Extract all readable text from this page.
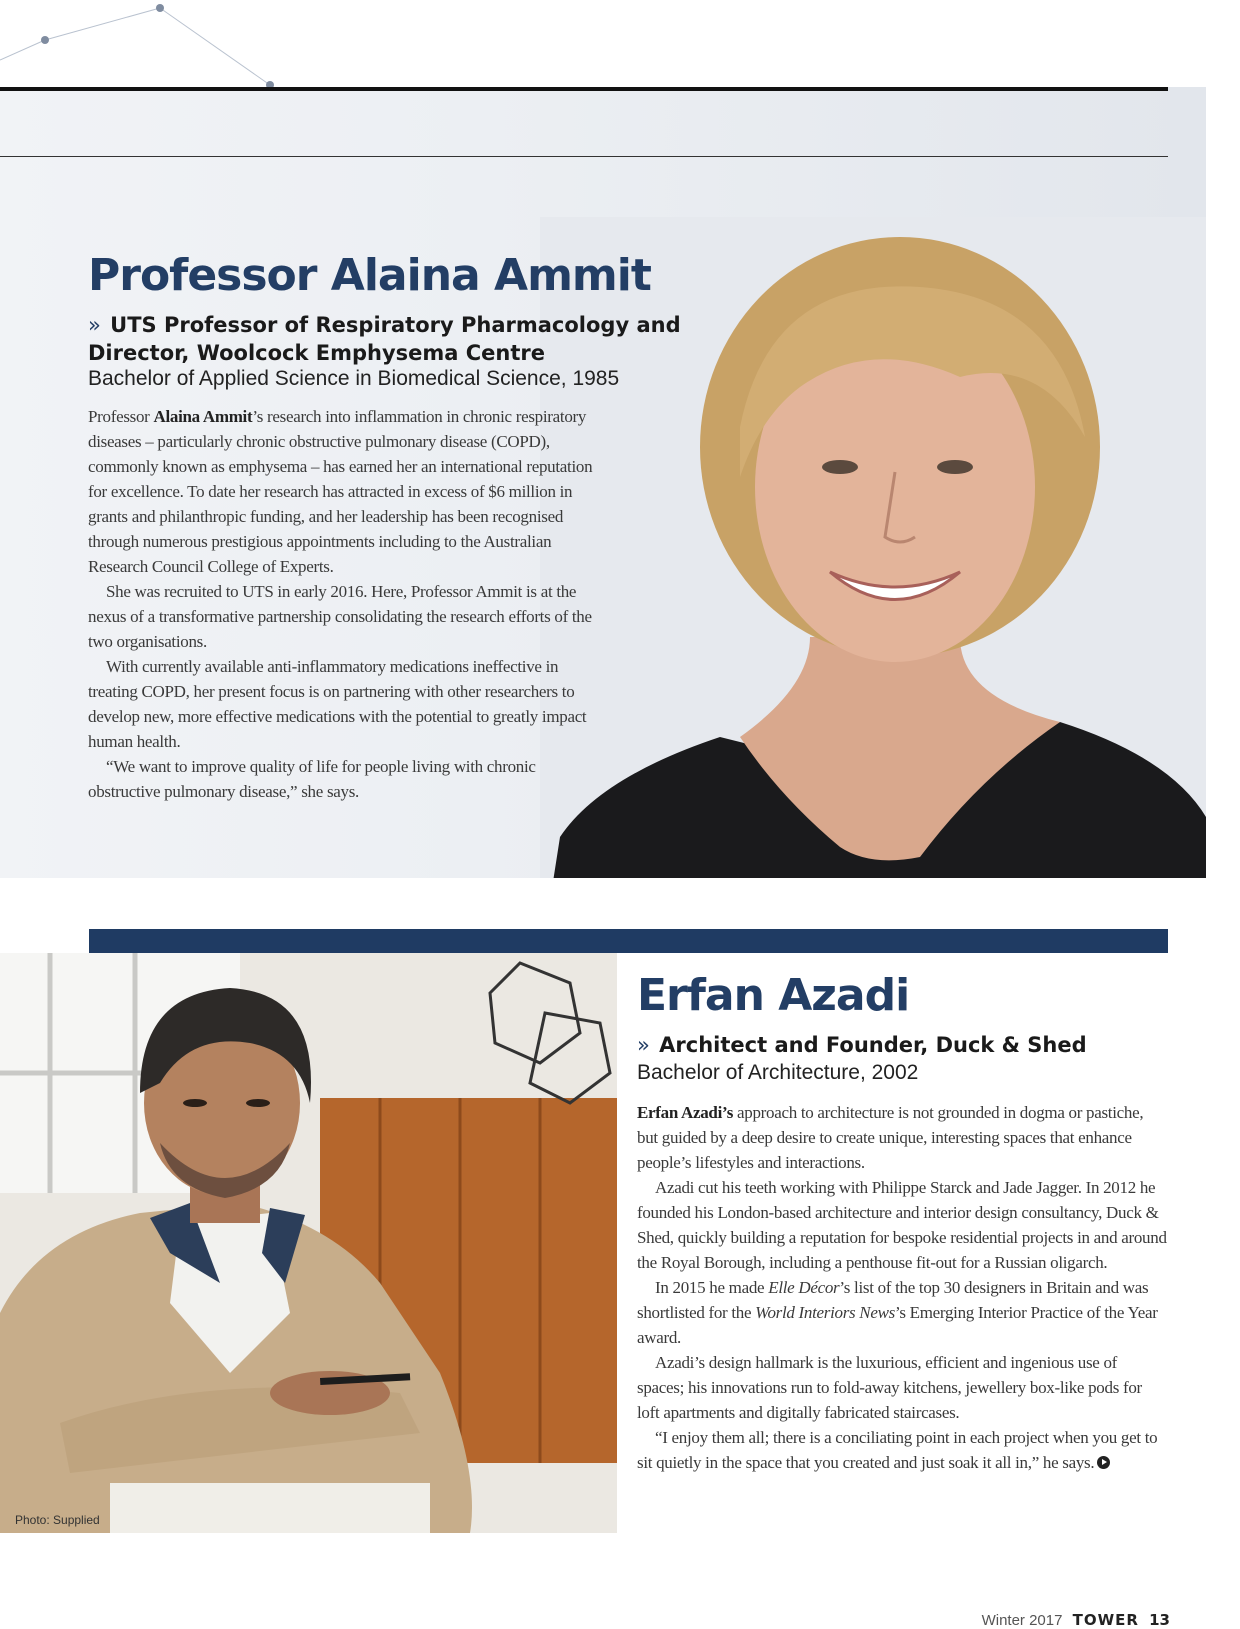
Professor Alaina Ammit
» UTS Professor of Respiratory Pharmacology and
Director, Woolcock Emphysema Centre
Bachelor of Applied Science in Biomedical Science, 1985

Professor Alaina Ammit’s research into inflammation in chronic respiratory diseases – particularly chronic obstructive pulmonary disease (COPD), commonly known as emphysema – has earned her an international reputation for excellence. To date her research has attracted in excess of $6 million in grants and philanthropic funding, and her leadership has been recognised through numerous prestigious appointments including to the Australian Research Council College of Experts.

She was recruited to UTS in early 2016. Here, Professor Ammit is at the nexus of a transformative partnership consolidating the research efforts of the two organisations.

With currently available anti-inflammatory medications ineffective in treating COPD, her present focus is on partnering with other researchers to develop new, more effective medications with the potential to greatly impact human health.

“We want to improve quality of life for people living with chronic obstructive pulmonary disease,” she says.

Photo: Supplied
Erfan Azadi
» Architect and Founder, Duck & Shed
Bachelor of Architecture, 2002

Erfan Azadi’s approach to architecture is not grounded in dogma or pastiche, but guided by a deep desire to create unique, interesting spaces that enhance people’s lifestyles and interactions.

Azadi cut his teeth working with Philippe Starck and Jade Jagger. In 2012 he founded his London-based architecture and interior design consultancy, Duck & Shed, quickly building a reputation for bespoke residential projects in and around the Royal Borough, including a penthouse fit-out for a Russian oligarch.

In 2015 he made Elle Décor’s list of the top 30 designers in Britain and was shortlisted for the World Interiors News’s Emerging Interior Practice of the Year award.

Azadi’s design hallmark is the luxurious, efficient and ingenious use of spaces; his innovations run to fold-away kitchens, jewellery box-like pods for loft apartments and digitally fabricated staircases.

“I enjoy them all; there is a conciliating point in each project when you get to sit quietly in the space that you created and just soak it all in,” he says.

Winter 2017 TOWER 13
